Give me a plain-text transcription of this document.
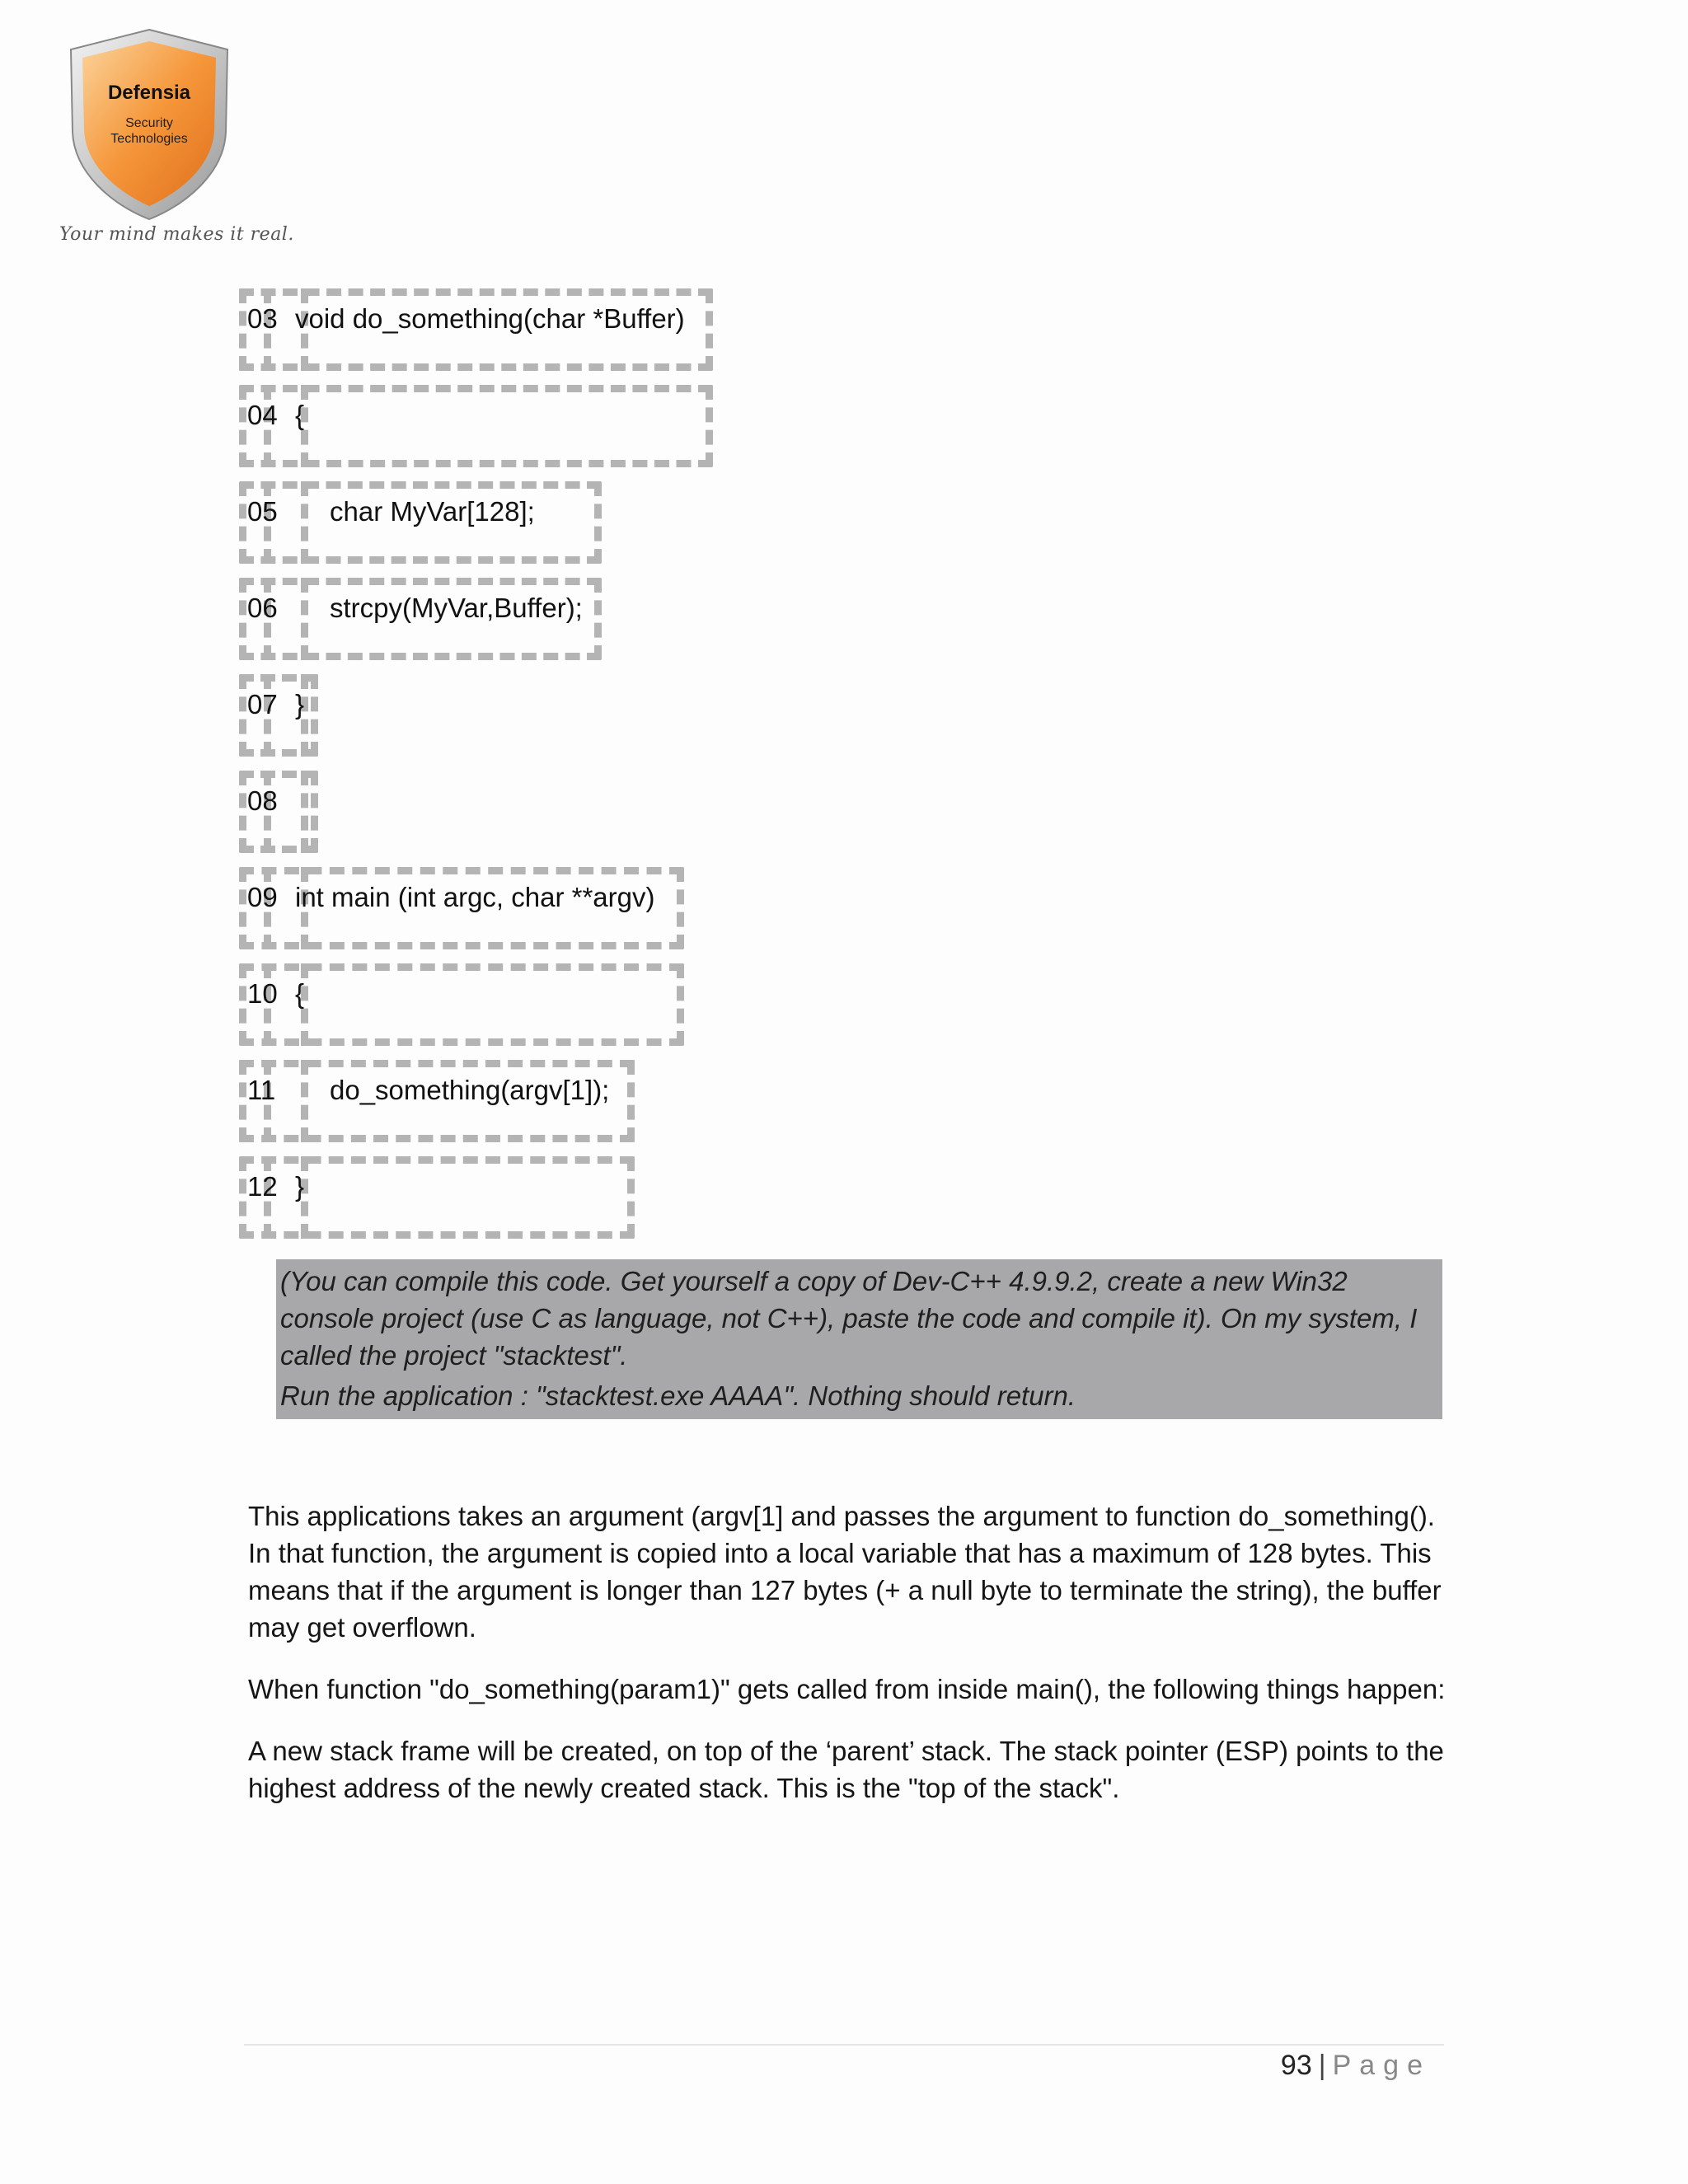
Defensia
Security
Technologies
Your mind makes it real.
03 void do_something(char *Buffer)
04 {
05 char MyVar[128];
06 strcpy(MyVar,Buffer);
07 }
08
09 int main (int argc, char **argv)
10 {
11 do_something(argv[1]);
12 }

(You can compile this code. Get yourself a copy of Dev-C++ 4.9.9.2, create a new Win32 console project (use C as language, not C++), paste the code and compile it). On my system, I called the project "stacktest".

Run the application : "stacktest.exe AAAA". Nothing should return.

This applications takes an argument (argv[1] and passes the argument to function do_something(). In that function, the argument is copied into a local variable that has a maximum of 128 bytes. This means that if the argument is longer than 127 bytes (+ a null byte to terminate the string), the buffer may get overflown.

When function "do_something(param1)" gets called from inside main(), the following things happen:

A new stack frame will be created, on top of the ‘parent’ stack. The stack pointer (ESP) points to the highest address of the newly created stack. This is the "top of the stack".

93 | Page
